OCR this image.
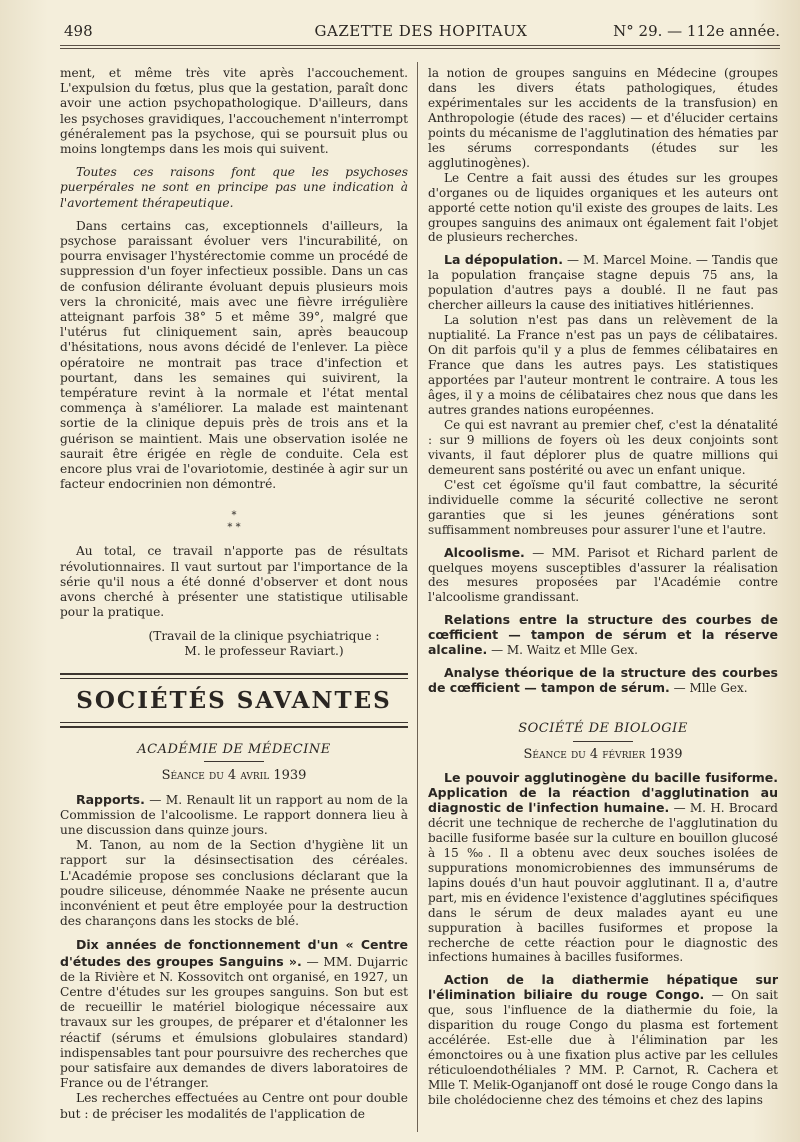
498	GAZETTE DES HOPITAUX	N° 29. — 112e année.

ment, et même très vite après l'accouchement. L'expulsion du fœtus, plus que la gestation, paraît donc avoir une action psychopathologique. D'ailleurs, dans les psychoses gravidiques, l'accouchement n'interrompt généralement pas la psychose, qui se poursuit plus ou moins longtemps dans les mois qui suivent.

Toutes ces raisons font que les psychoses puerpérales ne sont en principe pas une indication à l'avortement thérapeutique.

Dans certains cas, exceptionnels d'ailleurs, la psychose paraissant évoluer vers l'incurabilité, on pourra envisager l'hystérectomie comme un procédé de suppression d'un foyer infectieux possible. Dans un cas de confusion délirante évoluant depuis plusieurs mois vers la chronicité, mais avec une fièvre irrégulière atteignant parfois 38° 5 et même 39°, malgré que l'utérus fut cliniquement sain, après beaucoup d'hésitations, nous avons décidé de l'enlever. La pièce opératoire ne montrait pas trace d'infection et pourtant, dans les semaines qui suivirent, la température revint à la normale et l'état mental commença à s'améliorer. La malade est maintenant sortie de la clinique depuis près de trois ans et la guérison se maintient. Mais une observation isolée ne saurait être érigée en règle de conduite. Cela est encore plus vrai de l'ovariotomie, destinée à agir sur un facteur endocrinien non démontré.

*
* *

Au total, ce travail n'apporte pas de résultats révolutionnaires. Il vaut surtout par l'importance de la série qu'il nous a été donné d'observer et dont nous avons cherché à présenter une statistique utilisable pour la pratique.

(Travail de la clinique psychiatrique :
M. le professeur Raviart.)
SOCIÉTÉS SAVANTES
ACADÉMIE DE MÉDECINE
Séance du 4 avril 1939

Rapports. — M. Renault lit un rapport au nom de la Commission de l'alcoolisme. Le rapport donnera lieu à une discussion dans quinze jours.

M. Tanon, au nom de la Section d'hygiène lit un rapport sur la désinsectisation des céréales. L'Académie propose ses conclusions déclarant que la poudre siliceuse, dénommée Naake ne présente aucun inconvénient et peut être employée pour la destruction des charançons dans les stocks de blé.

Dix années de fonctionnement d'un « Centre d'études des groupes Sanguins ». — MM. Dujarric de la Rivière et N. Kossovitch ont organisé, en 1927, un Centre d'études sur les groupes sanguins. Son but est de recueillir le matériel biologique nécessaire aux travaux sur les groupes, de préparer et d'étalonner les réactif (sérums et émulsions globulaires standard) indispensables tant pour poursuivre des recherches que pour satisfaire aux demandes de divers laboratoires de France ou de l'étranger.

Les recherches effectuées au Centre ont pour double but : de préciser les modalités de l'application de

la notion de groupes sanguins en Médecine (groupes dans les divers états pathologiques, études expérimentales sur les accidents de la transfusion) en Anthropologie (étude des races) — et d'élucider certains points du mécanisme de l'agglutination des hématies par les sérums correspondants (études sur les agglutinogènes).

Le Centre a fait aussi des études sur les groupes d'organes ou de liquides organiques et les auteurs ont apporté cette notion qu'il existe des groupes de laits. Les groupes sanguins des animaux ont également fait l'objet de plusieurs recherches.

La dépopulation. — M. Marcel Moine. — Tandis que la population française stagne depuis 75 ans, la population d'autres pays a doublé. Il ne faut pas chercher ailleurs la cause des initiatives hitlériennes.

La solution n'est pas dans un relèvement de la nuptialité. La France n'est pas un pays de célibataires. On dit parfois qu'il y a plus de femmes célibataires en France que dans les autres pays. Les statistiques apportées par l'auteur montrent le contraire. A tous les âges, il y a moins de célibataires chez nous que dans les autres grandes nations européennes.

Ce qui est navrant au premier chef, c'est la dénatalité : sur 9 millions de foyers où les deux conjoints sont vivants, il faut déplorer plus de quatre millions qui demeurent sans postérité ou avec un enfant unique.

C'est cet égoïsme qu'il faut combattre, la sécurité individuelle comme la sécurité collective ne seront garanties que si les jeunes générations sont suffisamment nombreuses pour assurer l'une et l'autre.

Alcoolisme. — MM. Parisot et Richard parlent de quelques moyens susceptibles d'assurer la réalisation des mesures proposées par l'Académie contre l'alcoolisme grandissant.

Relations entre la structure des courbes de cœfficient — tampon de sérum et la réserve alcaline. — M. Waitz et Mlle Gex.

Analyse théorique de la structure des courbes de cœfficient — tampon de sérum. — Mlle Gex.

SOCIÉTÉ DE BIOLOGIE
Séance du 4 février 1939

Le pouvoir agglutinogène du bacille fusiforme. Application de la réaction d'agglutination au diagnostic de l'infection humaine. — M. H. Brocard décrit une technique de recherche de l'agglutination du bacille fusiforme basée sur la culture en bouillon glucosé à 15 ‰. Il a obtenu avec deux souches isolées de suppurations monomicrobiennes des immunsérums de lapins doués d'un haut pouvoir agglutinant. Il a, d'autre part, mis en évidence l'existence d'agglutines spécifiques dans le sérum de deux malades ayant eu une suppuration à bacilles fusiformes et propose la recherche de cette réaction pour le diagnostic des infections humaines à bacilles fusiformes.

Action de la diathermie hépatique sur l'élimination biliaire du rouge Congo. — On sait que, sous l'influence de la diathermie du foie, la disparition du rouge Congo du plasma est fortement accélérée. Est-elle due à l'élimination par les émonctoires ou à une fixation plus active par les cellules réticuloendothéliales ? MM. P. Carnot, R. Cachera et Mlle T. Melik-Oganjanoff ont dosé le rouge Congo dans la bile cholédocienne chez des témoins et chez des lapins
